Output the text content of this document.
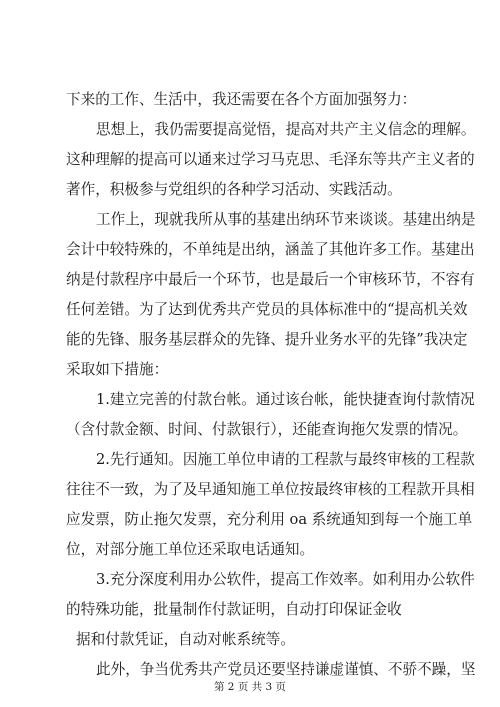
下来的工作、生活中，我还需要在各个方面加强努力：
思想上，我仍需要提高觉悟，提高对共产主义信念的理解。
这种理解的提高可以通来过学习马克思、毛泽东等共产主义者的
著作，积极参与党组织的各种学习活动、实践活动。
工作上，现就我所从事的基建出纳环节来谈谈。基建出纳是
会计中较特殊的，不单纯是出纳，涵盖了其他许多工作。基建出
纳是付款程序中最后一个环节，也是最后一个审核环节，不容有
任何差错。为了达到优秀共产党员的具体标准中的“提高机关效
能的先锋、服务基层群众的先锋、提升业务水平的先锋”我决定
采取如下措施：
1.建立完善的付款台帐。通过该台帐，能快捷查询付款情况
（含付款金额、时间、付款银行），还能查询拖欠发票的情况。
2.先行通知。因施工单位申请的工程款与最终审核的工程款
往往不一致，为了及早通知施工单位按最终审核的工程款开具相
应发票，防止拖欠发票，充分利用 oa 系统通知到每一个施工单
位，对部分施工单位还采取电话通知。
3.充分深度利用办公软件，提高工作效率。如利用办公软件
的特殊功能，批量制作付款证明，自动打印保证金收
据和付款凭证，自动对帐系统等。
此外，争当优秀共产党员还要坚持谦虚谨慎、不骄不躁，坚
第 2 页 共 3 页
